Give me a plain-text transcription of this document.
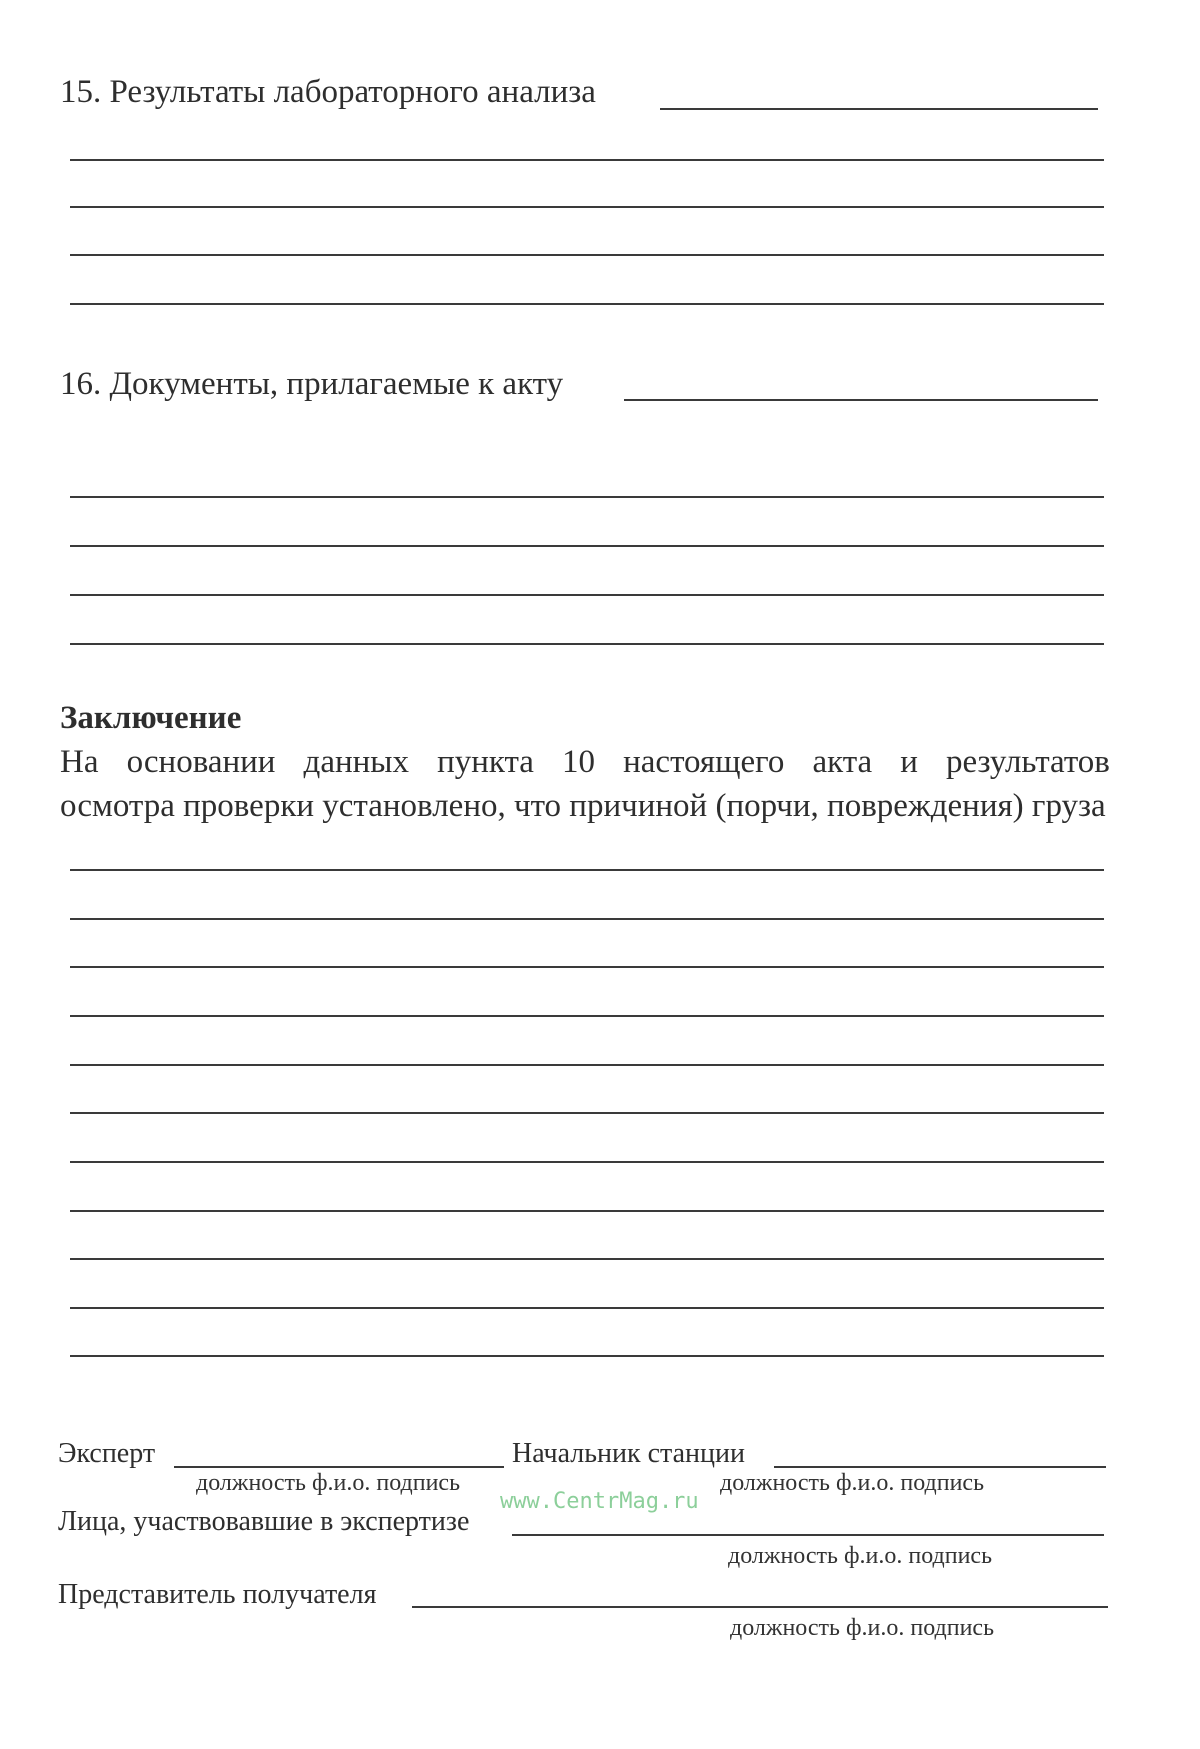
15. Результаты лабораторного анализа
16. Документы, прилагаемые к акту
Заключение
На основании данных пункта 10 настоящего акта и результатов
осмотра проверки установлено, что причиной (порчи, повреждения) груза
Эксперт
должность ф.и.о. подпись
Начальник станции
должность ф.и.о. подпись
Лица, участвовавшие в экспертизе
www.CentrMag.ru
должность ф.и.о. подпись
Представитель получателя
должность ф.и.о. подпись
